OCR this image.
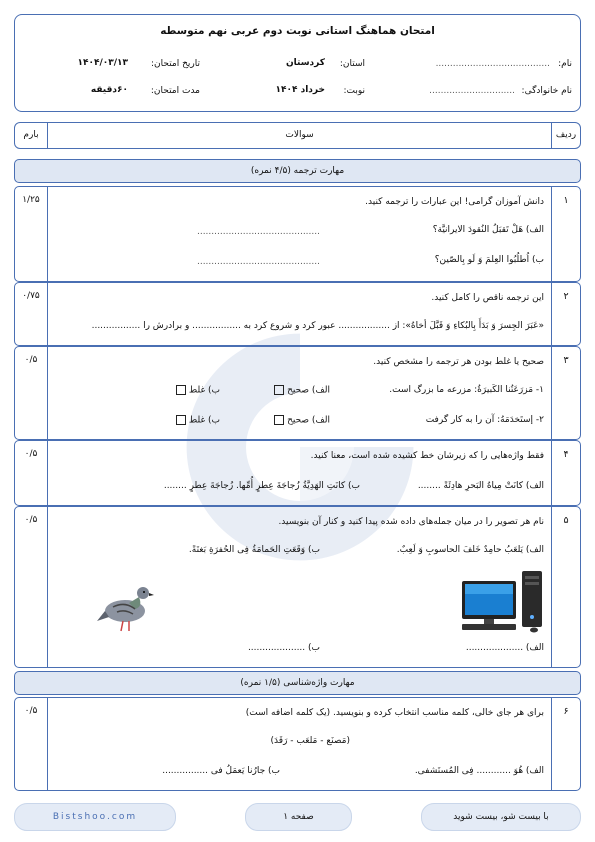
امتحان هماهنگ استانی نوبت دوم عربی نهم متوسطه
نام:
........................................
نام خانوادگی:
..............................
استان:
کردستان
نوبت:
خرداد ۱۴۰۴
تاریخ امتحان:
۱۴۰۴/۰۳/۱۳
مدت امتحان:
۶۰دقیقه
ردیف
سوالات
بارم
مهارت ترجمه (۴/۵ نمره)
۱
۱/۲۵	دانش آموزان گرامی! این عبارات را ترجمه کنید.
الف) هَلْ تَقبَلُ النُقودَ الایرانیَّة؟
...........................................
ب) اُطلُبُوا العِلمَ وَ لَو بِالصّین؟
...........................................
۲
۰/۷۵	این ترجمه ناقص را کامل کنید.
«عَبَرَ الجِسرَ وَ بَدَأَ بِالبُکاءِ وَ قَبَّلَ أخاهُ»: از .................. عبور کرد و شروع کرد به ................. و برادرش را .................
۳
۰/۵	صحیح یا غلط بودن هر ترجمه را مشخص کنید.
۱- مَزرَعَتُنا الکَبیرَةُ: مزرعه ما بزرگ است.
الف) صحیح
ب) غلط
۲- إستَخدَمَهُ: آن را به کار گرفت
الف) صحیح
ب) غلط
۴
۰/۵	فقط واژه‌هایی را که زیرشان خط کشیده شده است، معنا کنید.
الف) کانَتْ مِیاهُ البَحرِ هادِئَةً ........
ب) کانَتِ الهَدِیَّةُ زُجاجَةَ عِطرٍ أُمِّها. زُجاجَةَ عِطرٍ ........
۵
۰/۵	نام هر تصویر را در میان جمله‌های داده شده پیدا کنید و کنار آن بنویسید.
الف) یَلعَبُ حامِدٌ خَلفَ الحاسوبِ وَ لَعِبٌ.
ب) وَقَعَتِ الحَمامَةُ فِی الحُفرَةِ بَغتَةً.
الف) ....................
ب) ....................
مهارت واژه‌شناسی (۱/۵ نمره)
۶
۰/۵	برای هر جای خالی، کلمه مناسب انتخاب کرده و بنویسید. (یک کلمه اضافه است)
(مَصنَع - مَلعَب - رَقَدَ)
الف) هُوَ ............ فِی المُستَشفی.
ب) جارُنا یَعمَلُ فی ................
Bistshoo.com	صفحه ۱	با بیست شو، بیست شوید
